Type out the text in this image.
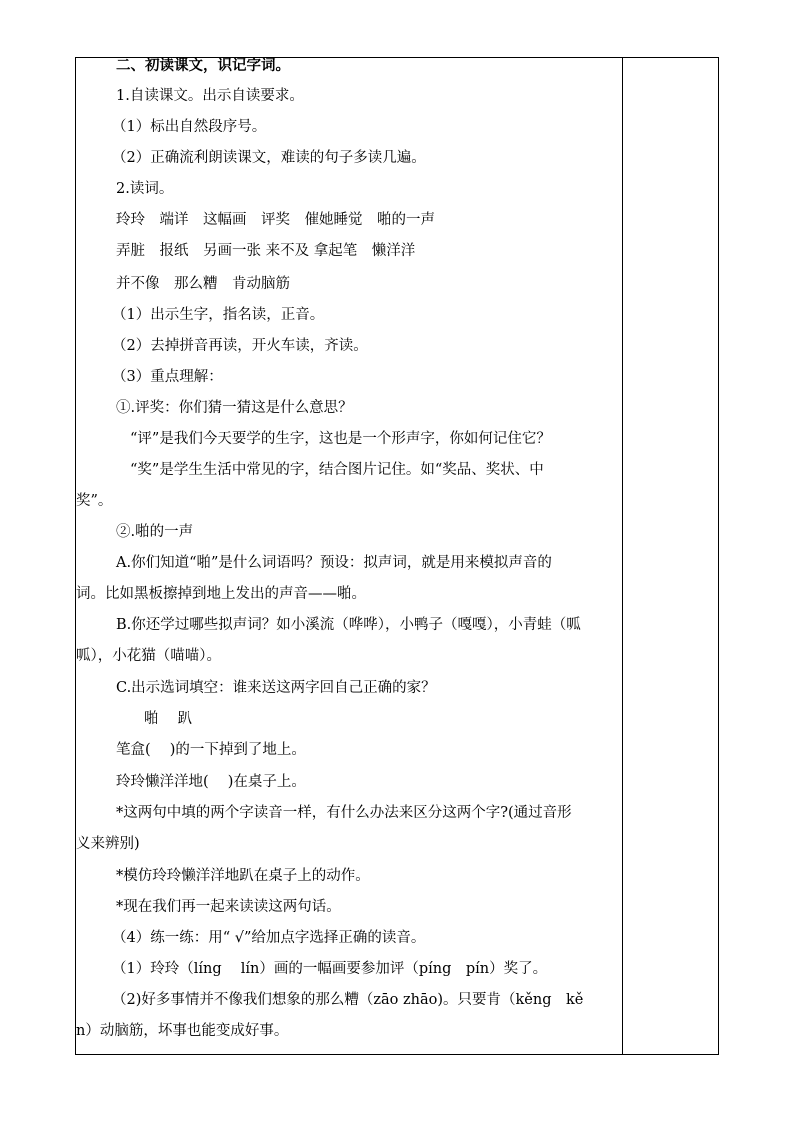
二、初读课文，识记字词。
1.自读课文。出示自读要求。
（1）标出自然段序号。
（2）正确流利朗读课文，难读的句子多读几遍。
2.读词。
玲玲　端详　这幅画　评奖　催她睡觉　啪的一声
弄脏　报纸　另画一张 来不及 拿起笔　懒洋洋
并不像　那么糟　肯动脑筋
（1）出示生字，指名读，正音。
（2）去掉拼音再读，开火车读，齐读。
（3）重点理解：
①.评奖：你们猜一猜这是什么意思？
“评”是我们今天要学的生字，这也是一个形声字，你如何记住它？
“奖”是学生生活中常见的字，结合图片记住。如“奖品、奖状、中
奖”。
②.啪的一声
A.你们知道“啪”是什么词语吗？预设：拟声词，就是用来模拟声音的
词。比如黑板擦掉到地上发出的声音——啪。
B.你还学过哪些拟声词？如小溪流（哗哗），小鸭子（嘎嘎），小青蛙（呱
呱），小花猫（喵喵）。
C.出示选词填空：谁来送这两字回自己正确的家？
啪　 趴
笔盒(　 )的一下掉到了地上。
玲玲懒洋洋地(　 )在桌子上。
*这两句中填的两个字读音一样，有什么办法来区分这两个字?(通过音形
义来辨别)
*模仿玲玲懒洋洋地趴在桌子上的动作。
*现在我们再一起来读读这两句话。
（4）练一练：用“ √”给加点字选择正确的读音。
（1）玲玲（líng　 lín）画的一幅画要参加评（píng　pín）奖了。
（2)好多事情并不像我们想象的那么糟（zāo zhāo)。只要肯（kěng　kě
n）动脑筋，坏事也能变成好事。
